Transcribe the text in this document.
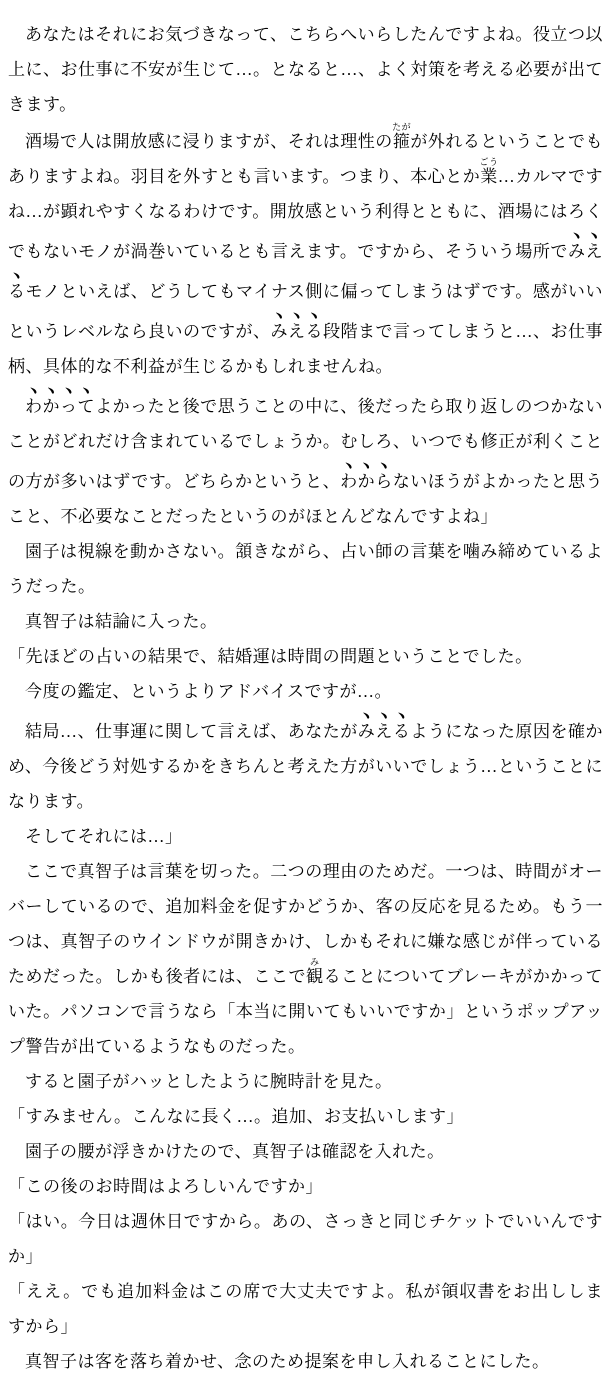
あなたはそれにお気づきなって、こちらへいらしたんですよね。役立つ以上に、お仕事に不安が生じて…。となると…、よく対策を考える必要が出てきます。

酒場で人は開放感に浸りますが、それは理性の箍たがが外れるということでもありますよね。羽目を外すとも言います。つまり、本心とか業ごう…カルマですね…が顕れやすくなるわけです。開放感という利得とともに、酒場にはろくでもないモノが渦巻いているとも言えます。ですから、そういう場所でみえるモノといえば、どうしてもマイナス側に偏ってしまうはずです。感がいいというレベルなら良いのですが、みえる段階まで言ってしまうと…、お仕事柄、具体的な不利益が生じるかもしれませんね。

わかってよかったと後で思うことの中に、後だったら取り返しのつかないことがどれだけ含まれているでしょうか。むしろ、いつでも修正が利くことの方が多いはずです。どちらかというと、わからないほうがよかったと思うこと、不必要なことだったというのがほとんどなんですよね」

園子は視線を動かさない。頷きながら、占い師の言葉を噛み締めているようだった。

真智子は結論に入った。

「先ほどの占いの結果で、結婚運は時間の問題ということでした。

今度の鑑定、というよりアドバイスですが…。

結局…、仕事運に関して言えば、あなたがみえるようになった原因を確かめ、今後どう対処するかをきちんと考えた方がいいでしょう…ということになります。

そしてそれには…」

ここで真智子は言葉を切った。二つの理由のためだ。一つは、時間がオーバーしているので、追加料金を促すかどうか、客の反応を見るため。もう一つは、真智子のウインドウが開きかけ、しかもそれに嫌な感じが伴っているためだった。しかも後者には、ここで観みることについてブレーキがかかっていた。パソコンで言うなら「本当に開いてもいいですか」というポップアップ警告が出ているようなものだった。

すると園子がハッとしたように腕時計を見た。

「すみません。こんなに長く…。追加、お支払いします」

園子の腰が浮きかけたので、真智子は確認を入れた。

「この後のお時間はよろしいんですか」

「はい。今日は週休日ですから。あの、さっきと同じチケットでいいんですか」

「ええ。でも追加料金はこの席で大丈夫ですよ。私が領収書をお出ししますから」

真智子は客を落ち着かせ、念のため提案を申し入れることにした。
